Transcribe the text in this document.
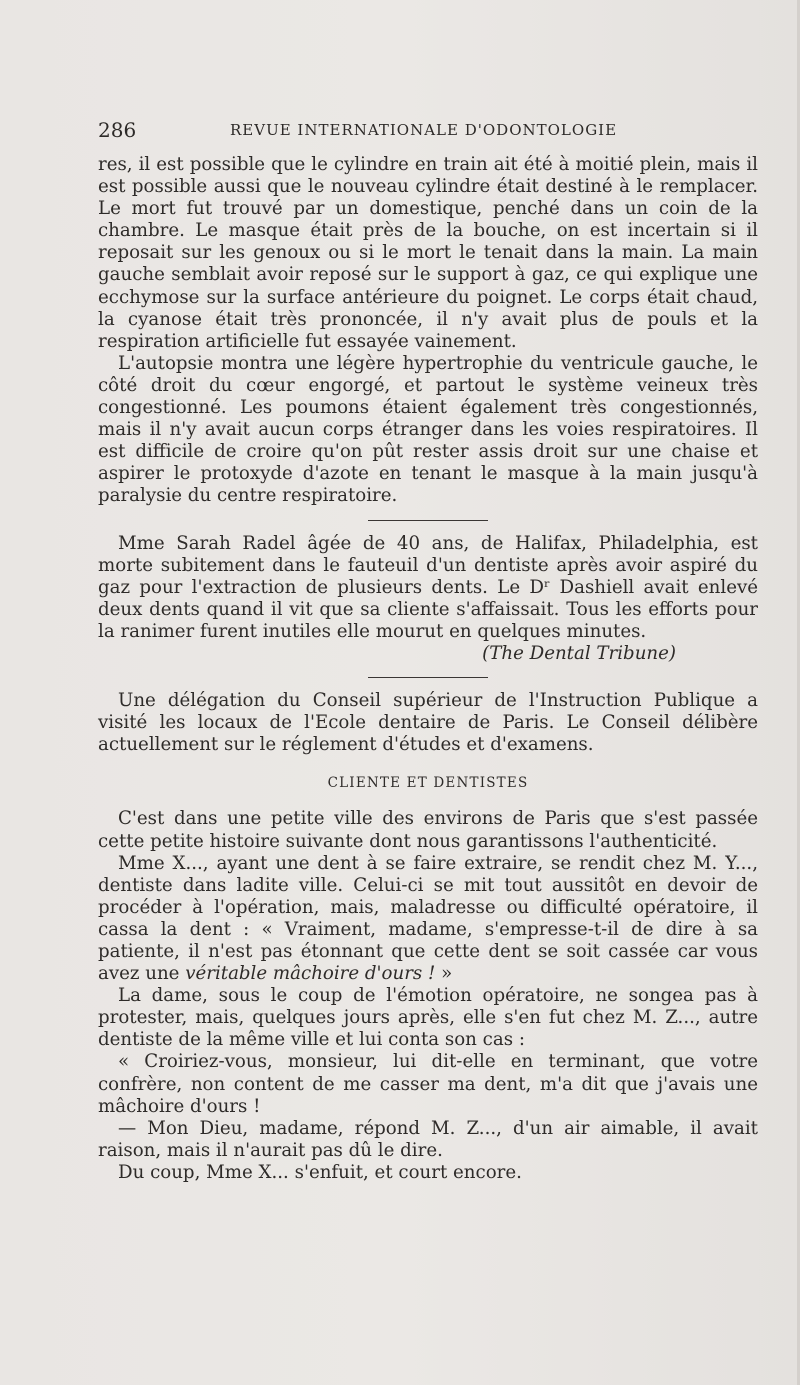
286	REVUE INTERNATIONALE D'ODONTOLOGIE

res, il est possible que le cylindre en train ait été à moitié plein, mais il est possible aussi que le nouveau cylindre était destiné à le remplacer. Le mort fut trouvé par un domestique, penché dans un coin de la chambre. Le masque était près de la bouche, on est incertain si il reposait sur les genoux ou si le mort le tenait dans la main. La main gauche semblait avoir reposé sur le support à gaz, ce qui explique une ecchymose sur la surface antérieure du poignet. Le corps était chaud, la cyanose était très prononcée, il n'y avait plus de pouls et la respiration artificielle fut essayée vainement.

L'autopsie montra une légère hypertrophie du ventricule gauche, le côté droit du cœur engorgé, et partout le système veineux très congestionné. Les poumons étaient également très congestionnés, mais il n'y avait aucun corps étranger dans les voies respiratoires. Il est difficile de croire qu'on pût rester assis droit sur une chaise et aspirer le protoxyde d'azote en tenant le masque à la main jusqu'à paralysie du centre respiratoire.

Mme Sarah Radel âgée de 40 ans, de Halifax, Philadelphia, est morte subitement dans le fauteuil d'un dentiste après avoir aspiré du gaz pour l'extraction de plusieurs dents. Le Dʳ Dashiell avait enlevé deux dents quand il vit que sa cliente s'affaissait. Tous les efforts pour la ranimer furent inutiles elle mourut en quelques minutes.

(The Dental Tribune)

Une délégation du Conseil supérieur de l'Instruction Publique a visité les locaux de l'Ecole dentaire de Paris. Le Conseil délibère actuellement sur le réglement d'études et d'examens.

CLIENTE ET DENTISTES

C'est dans une petite ville des environs de Paris que s'est passée cette petite histoire suivante dont nous garantissons l'authenticité.

Mme X..., ayant une dent à se faire extraire, se rendit chez M. Y..., dentiste dans ladite ville. Celui-ci se mit tout aussitôt en devoir de procéder à l'opération, mais, maladresse ou difficulté opératoire, il cassa la dent : « Vraiment, madame, s'empresse-t-il de dire à sa patiente, il n'est pas étonnant que cette dent se soit cassée car vous avez une véritable mâchoire d'ours ! »

La dame, sous le coup de l'émotion opératoire, ne songea pas à protester, mais, quelques jours après, elle s'en fut chez M. Z..., autre dentiste de la même ville et lui conta son cas :

« Croiriez-vous, monsieur, lui dit-elle en terminant, que votre confrère, non content de me casser ma dent, m'a dit que j'avais une mâchoire d'ours !

— Mon Dieu, madame, répond M. Z..., d'un air aimable, il avait raison, mais il n'aurait pas dû le dire.

Du coup, Mme X... s'enfuit, et court encore.
